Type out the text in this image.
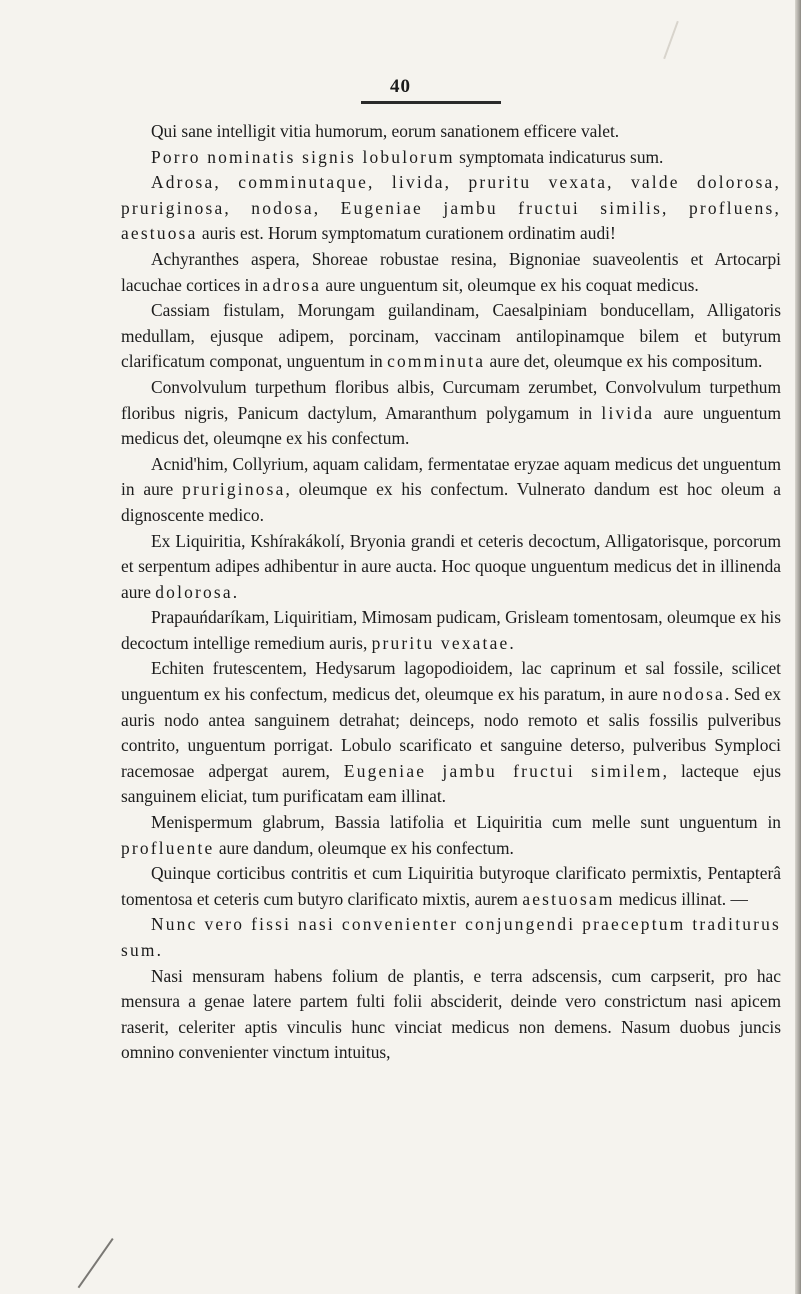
40

Qui sane intelligit vitia humorum, eorum sanationem efficere valet.

Porro nominatis signis lobulorum symptomata indicaturus sum.

Adrosa, comminutaque, livida, pruritu vexata, valde dolorosa, pruriginosa, nodosa, Eugeniae jambu fructui similis, profluens, aestuosa auris est. Horum symptomatum curationem ordinatim audi!

Achyranthes aspera, Shoreae robustae resina, Bignoniae suaveolentis et Artocarpi lacuchae cortices in adrosa aure unguentum sit, oleumque ex his coquat medicus.

Cassiam fistulam, Morungam guilandinam, Caesalpiniam bonducellam, Alligatoris medullam, ejusque adipem, porcinam, vaccinam antilopinamque bilem et butyrum clarificatum componat, unguentum in comminuta aure det, oleumque ex his compositum.

Convolvulum turpethum floribus albis, Curcumam zerumbet, Convolvulum turpethum floribus nigris, Panicum dactylum, Amaranthum polygamum in livida aure unguentum medicus det, oleumqne ex his confectum.

Acnid'him, Collyrium, aquam calidam, fermentatae eryzae aquam medicus det unguentum in aure pruriginosa, oleumque ex his confectum. Vulnerato dandum est hoc oleum a dignoscente medico.

Ex Liquiritia, Kshírakákolí, Bryonia grandi et ceteris decoctum, Alligatorisque, porcorum et serpentum adipes adhibentur in aure aucta. Hoc quoque unguentum medicus det in illinenda aure dolorosa.

Prapauńdaríkam, Liquiritiam, Mimosam pudicam, Grisleam tomentosam, oleumque ex his decoctum intellige remedium auris, pruritu vexatae.

Echiten frutescentem, Hedysarum lagopodioidem, lac caprinum et sal fossile, scilicet unguentum ex his confectum, medicus det, oleumque ex his paratum, in aure nodosa. Sed ex auris nodo antea sanguinem detrahat; deinceps, nodo remoto et salis fossilis pulveribus contrito, unguentum porrigat. Lobulo scarificato et sanguine deterso, pulveribus Symploci racemosae adpergat aurem, Eugeniae jambu fructui similem, lacteque ejus sanguinem eliciat, tum purificatam eam illinat.

Menispermum glabrum, Bassia latifolia et Liquiritia cum melle sunt unguentum in profluente aure dandum, oleumque ex his confectum.

Quinque corticibus contritis et cum Liquiritia butyroque clarificato permixtis, Pentapterâ tomentosa et ceteris cum butyro clarificato mixtis, aurem aestuosam medicus illinat. —

Nunc vero fissi nasi convenienter conjungendi praeceptum traditurus sum.

Nasi mensuram habens folium de plantis, e terra adscensis, cum carpserit, pro hac mensura a genae latere partem fulti folii absciderit, deinde vero constrictum nasi apicem raserit, celeriter aptis vinculis hunc vinciat medicus non demens. Nasum duobus juncis omnino convenienter vinctum intuitus,
